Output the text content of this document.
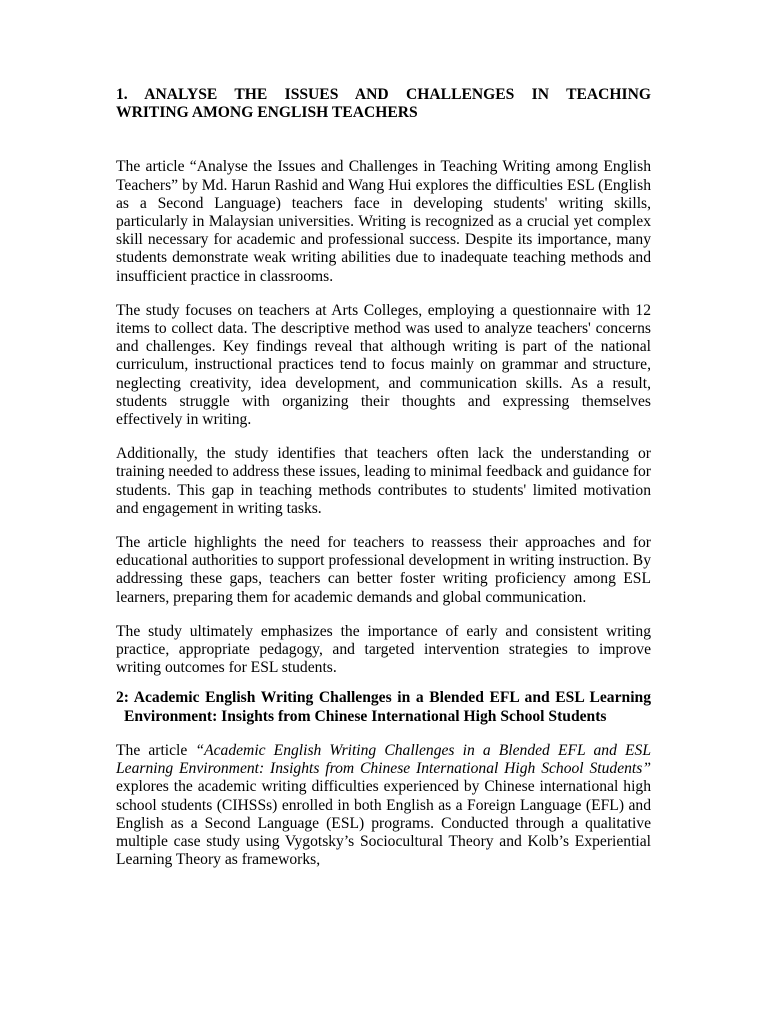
1. ANALYSE THE ISSUES AND CHALLENGES IN TEACHING
WRITING AMONG ENGLISH TEACHERS

The article “Analyse the Issues and Challenges in Teaching Writing among English Teachers” by Md. Harun Rashid and Wang Hui explores the difficulties ESL (English as a Second Language) teachers face in developing students' writing skills, particularly in Malaysian universities. Writing is recognized as a crucial yet complex skill necessary for academic and professional success. Despite its importance, many students demonstrate weak writing abilities due to inadequate teaching methods and insufficient practice in classrooms.

The study focuses on teachers at Arts Colleges, employing a questionnaire with 12 items to collect data. The descriptive method was used to analyze teachers' concerns and challenges. Key findings reveal that although writing is part of the national curriculum, instructional practices tend to focus mainly on grammar and structure, neglecting creativity, idea development, and communication skills. As a result, students struggle with organizing their thoughts and expressing themselves effectively in writing.

Additionally, the study identifies that teachers often lack the understanding or training needed to address these issues, leading to minimal feedback and guidance for students. This gap in teaching methods contributes to students' limited motivation and engagement in writing tasks.

The article highlights the need for teachers to reassess their approaches and for educational authorities to support professional development in writing instruction. By addressing these gaps, teachers can better foster writing proficiency among ESL learners, preparing them for academic demands and global communication.

The study ultimately emphasizes the importance of early and consistent writing practice, appropriate pedagogy, and targeted intervention strategies to improve writing outcomes for ESL students.

2: Academic English Writing Challenges in a Blended EFL and ESL Learning Environment: Insights from Chinese International High School Students

The article “Academic English Writing Challenges in a Blended EFL and ESL Learning Environment: Insights from Chinese International High School Students” explores the academic writing difficulties experienced by Chinese international high school students (CIHSSs) enrolled in both English as a Foreign Language (EFL) and English as a Second Language (ESL) programs. Conducted through a qualitative multiple case study using Vygotsky’s Sociocultural Theory and Kolb’s Experiential Learning Theory as frameworks,
